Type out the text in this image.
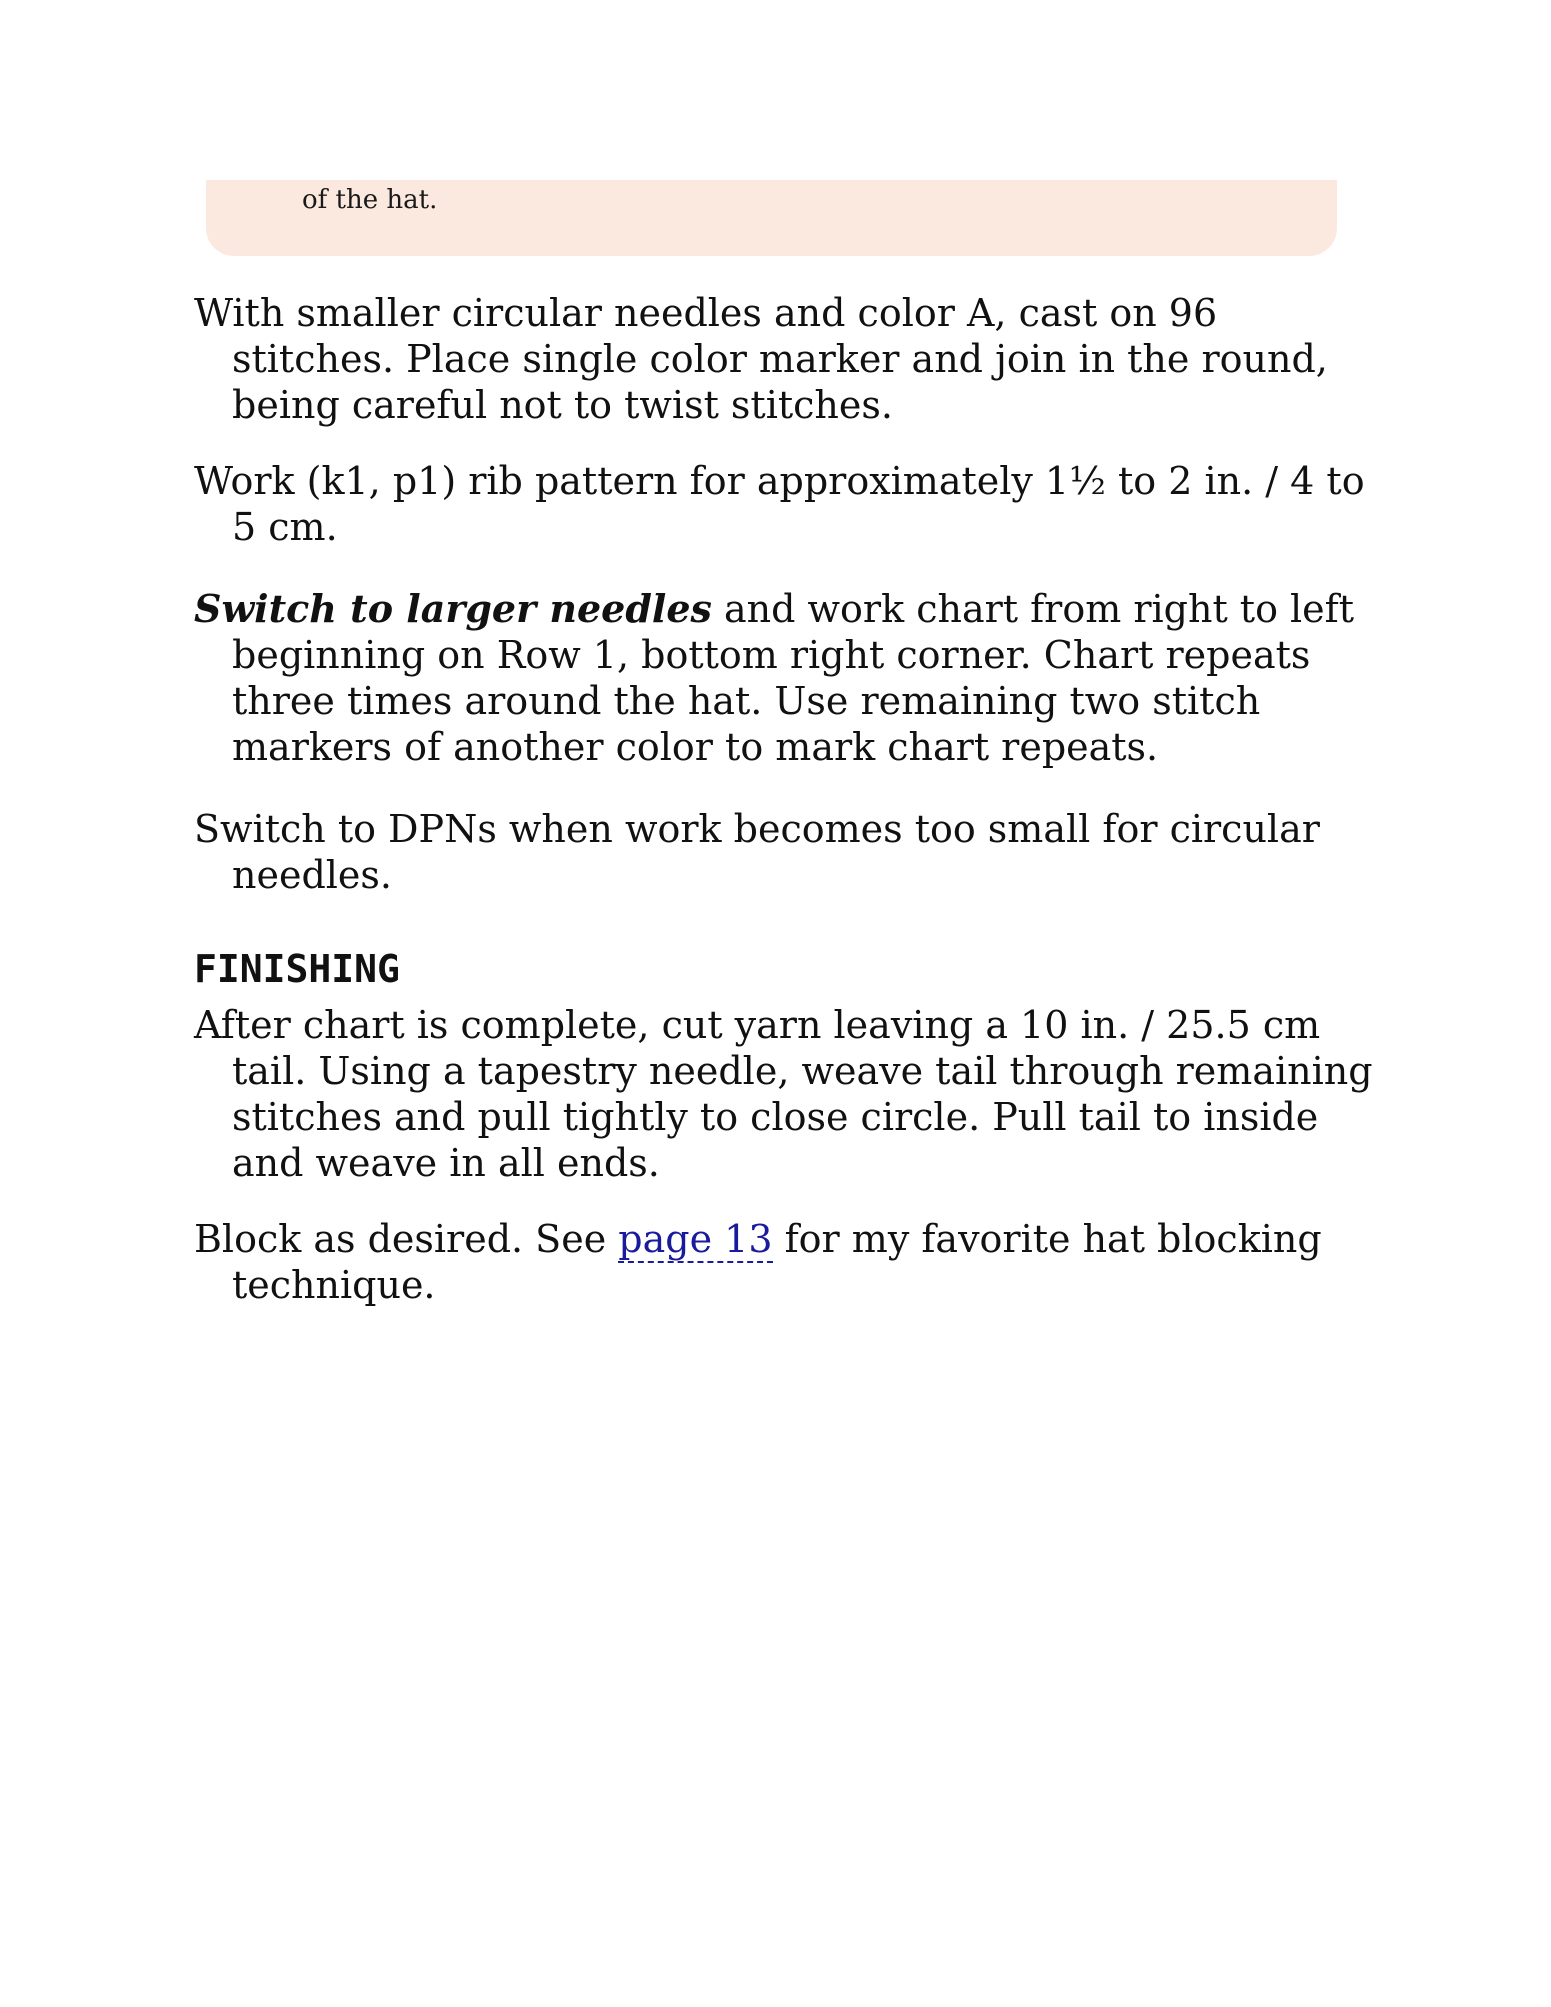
of the hat.

With smaller circular needles and color A, cast on 96 stitches. Place single color marker and join in the round, being careful not to twist stitches.

Work (k1, p1) rib pattern for approximately 1½ to 2 in. / 4 to 5 cm.

Switch to larger needles and work chart from right to left beginning on Row 1, bottom right corner. Chart repeats three times around the hat. Use remaining two stitch markers of another color to mark chart repeats.

Switch to DPNs when work becomes too small for circular needles.

FINISHING

After chart is complete, cut yarn leaving a 10 in. / 25.5 cm tail. Using a tapestry needle, weave tail through remaining stitches and pull tightly to close circle. Pull tail to inside and weave in all ends.

Block as desired. See page 13 for my favorite hat blocking technique.
